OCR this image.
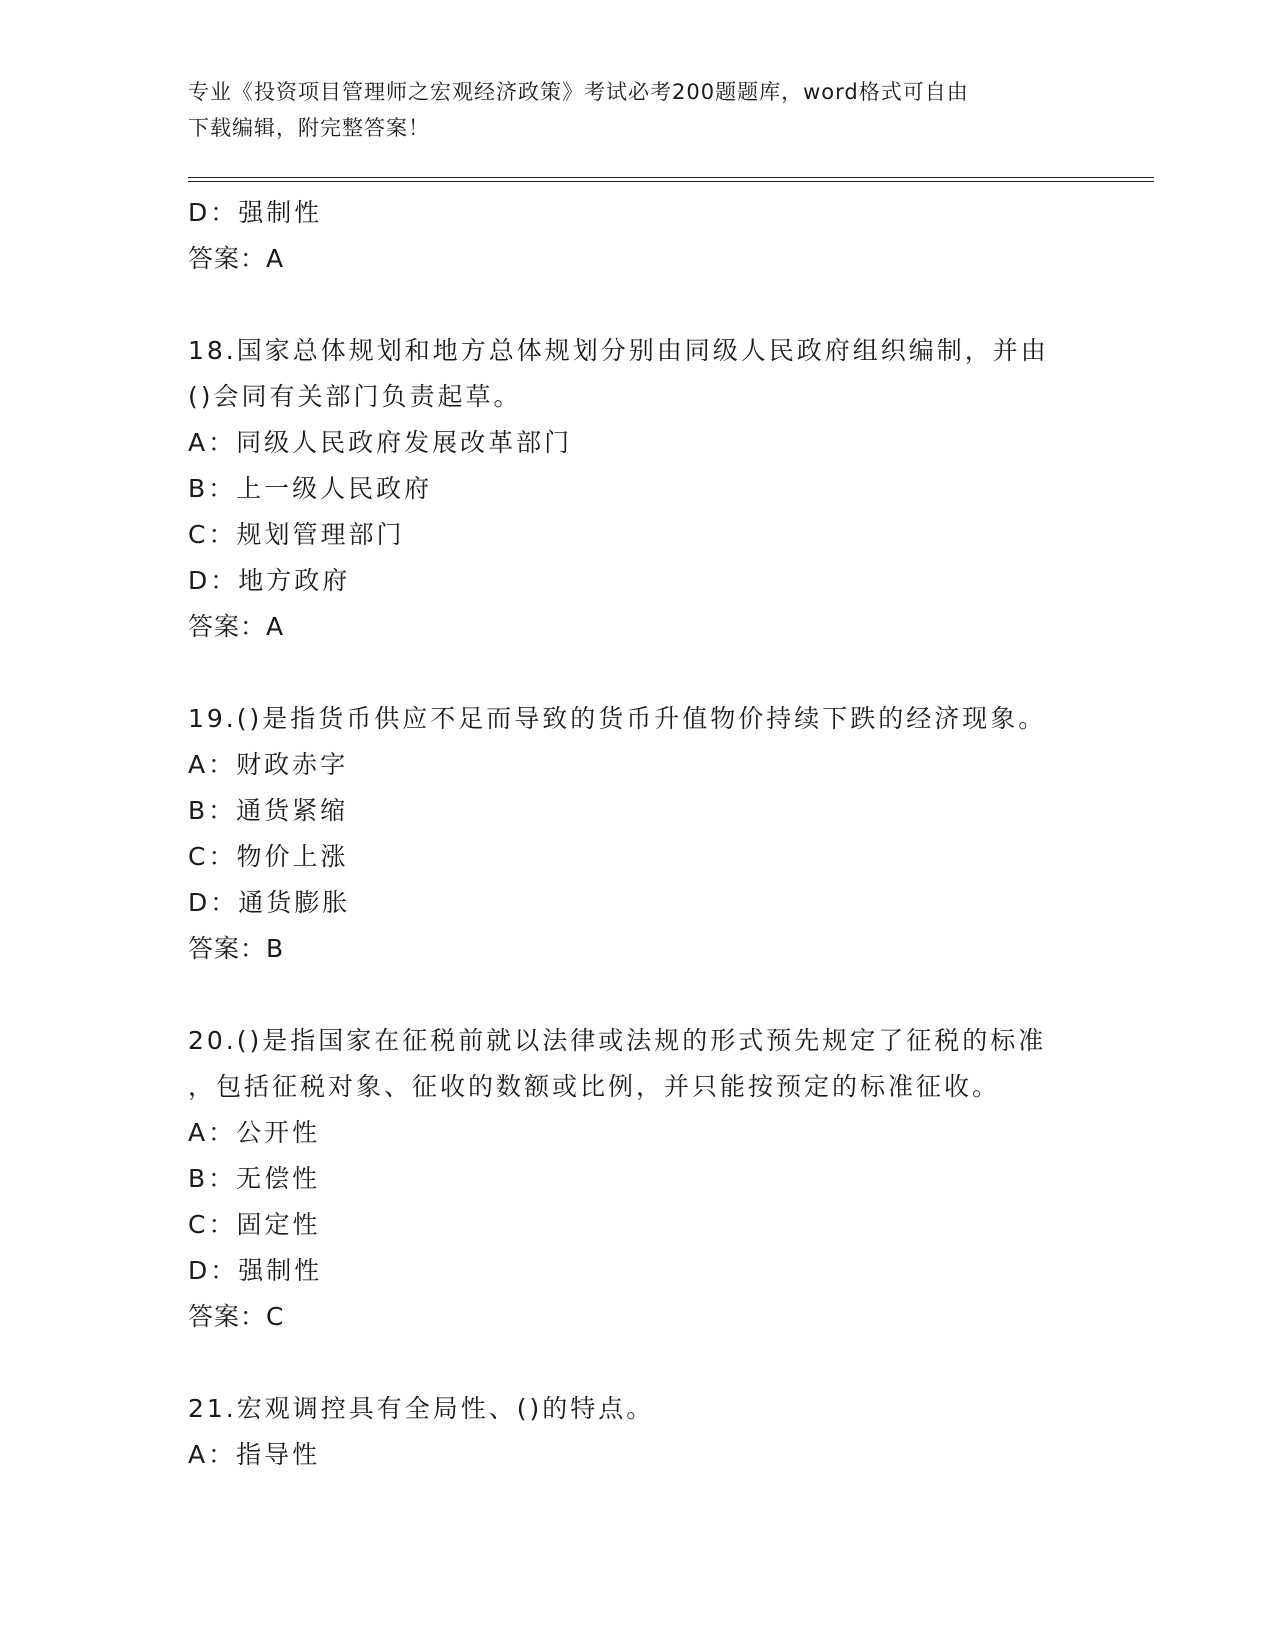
专业《投资项目管理师之宏观经济政策》考试必考200题题库，word格式可自由
下载编辑，附完整答案！
D：强制性
答案：A
18.国家总体规划和地方总体规划分别由同级人民政府组织编制，并由
()会同有关部门负责起草。
A：同级人民政府发展改革部门
B：上一级人民政府
C：规划管理部门
D：地方政府
答案：A
19.()是指货币供应不足而导致的货币升值物价持续下跌的经济现象。
A：财政赤字
B：通货紧缩
C：物价上涨
D：通货膨胀
答案：B
20.()是指国家在征税前就以法律或法规的形式预先规定了征税的标准
，包括征税对象、征收的数额或比例，并只能按预定的标准征收。
A：公开性
B：无偿性
C：固定性
D：强制性
答案：C
21.宏观调控具有全局性、()的特点。
A：指导性
